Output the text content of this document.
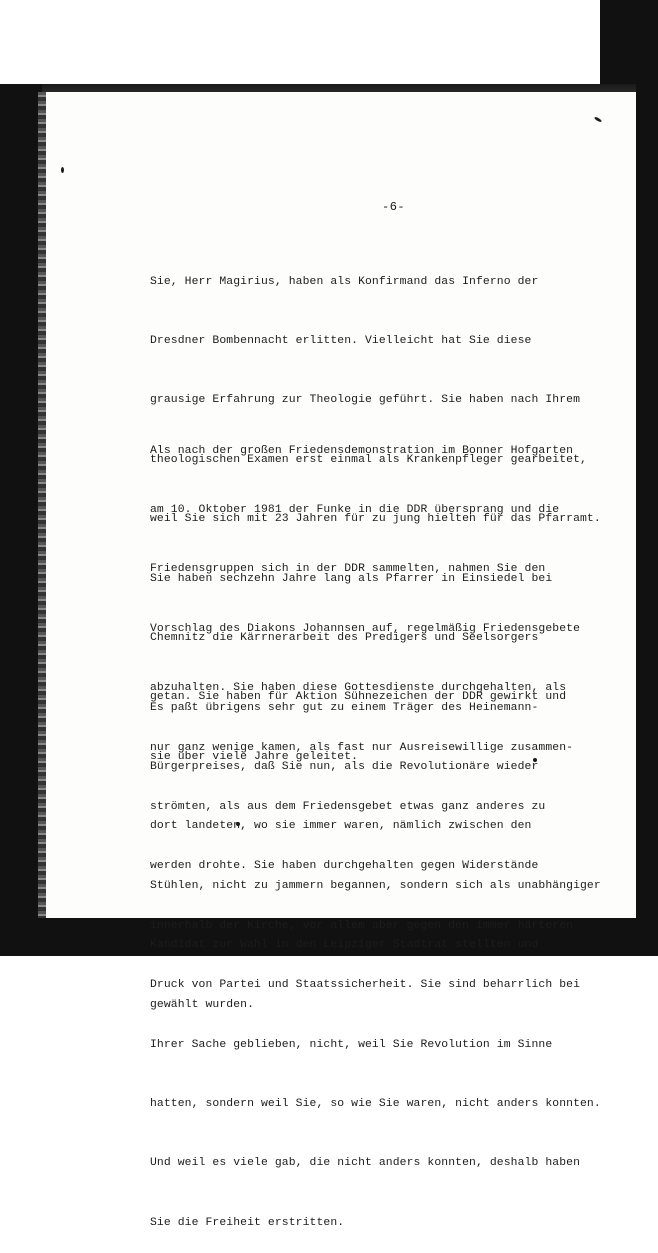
-6-

Sie, Herr Magirius, haben als Konfirmand das Inferno der

Dresdner Bombennacht erlitten. Vielleicht hat Sie diese

grausige Erfahrung zur Theologie geführt. Sie haben nach Ihrem

theologischen Examen erst einmal als Krankenpfleger gearbeitet,

weil Sie sich mit 23 Jahren für zu jung hielten für das Pfarramt.

Sie haben sechzehn Jahre lang als Pfarrer in Einsiedel bei

Chemnitz die Kärrnerarbeit des Predigers und Seelsorgers

getan. Sie haben für Aktion Sühnezeichen der DDR gewirkt und

sie über viele Jahre geleitet.

Als nach der großen Friedensdemonstration im Bonner Hofgarten

am 10. Oktober 1981 der Funke in die DDR übersprang und die

Friedensgruppen sich in der DDR sammelten, nahmen Sie den

Vorschlag des Diakons Johannsen auf, regelmäßig Friedensgebete

abzuhalten. Sie haben diese Gottesdienste durchgehalten, als

nur ganz wenige kamen, als fast nur Ausreisewillige zusammen-

strömten, als aus dem Friedensgebet etwas ganz anderes zu

werden drohte. Sie haben durchgehalten gegen Widerstände

innerhalb der Kirche, vor allem aber gegen den immer härteren

Druck von Partei und Staatssicherheit. Sie sind beharrlich bei

Ihrer Sache geblieben, nicht, weil Sie Revolution im Sinne

hatten, sondern weil Sie, so wie Sie waren, nicht anders konnten.

Und weil es viele gab, die nicht anders konnten, deshalb haben

Sie die Freiheit erstritten.

Es paßt übrigens sehr gut zu einem Träger des Heinemann-

Bürgerpreises, daß Sie nun, als die Revolutionäre wieder

dort landeten, wo sie immer waren, nämlich zwischen den

Stühlen, nicht zu jammern begannen, sondern sich als unabhängiger

Kandidat zur Wahl in den Leipziger Stadtrat stellten und

gewählt wurden.
